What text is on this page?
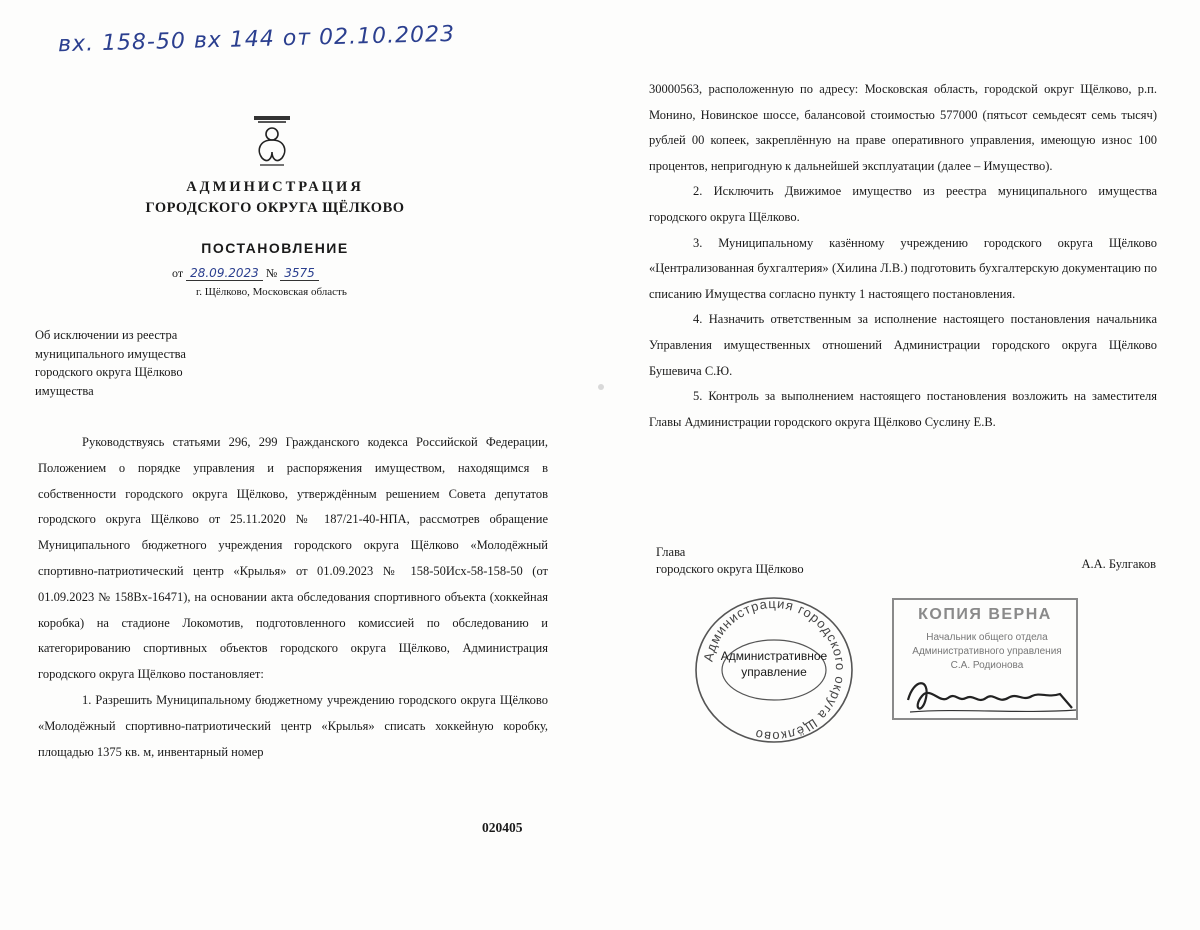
вх. 158-50 вх 144 от 02.10.2023
АДМИНИСТРАЦИЯ
ГОРОДСКОГО ОКРУГА ЩЁЛКОВО
ПОСТАНОВЛЕНИЕ
от 28.09.2023 № 3575
г. Щёлково, Московская область
Об исключении из реестра
муниципального имущества
городского округа Щёлково
имущества

Руководствуясь статьями 296, 299 Гражданского кодекса Российской Федерации, Положением о порядке управления и распоряжения имуществом, находящимся в собственности городского округа Щёлково, утверждённым решением Совета депутатов городского округа Щёлково от 25.11.2020 № 187/21-40-НПА, рассмотрев обращение Муниципального бюджетного учреждения городского округа Щёлково «Молодёжный спортивно-патриотический центр «Крылья» от 01.09.2023 № 158-50Исх-58-158-50 (от 01.09.2023 № 158Вх-16471), на основании акта обследования спортивного объекта (хоккейная коробка) на стадионе Локомотив, подготовленного комиссией по обследованию и категорированию спортивных объектов городского округа Щёлково, Администрация городского округа Щёлково постановляет:

1. Разрешить Муниципальному бюджетному учреждению городского округа Щёлково «Молодёжный спортивно-патриотический центр «Крылья» списать хоккейную коробку, площадью 1375 кв. м, инвентарный номер

020405

30000563, расположенную по адресу: Московская область, городской округ Щёлково, р.п. Монино, Новинское шоссе, балансовой стоимостью 577000 (пятьсот семьдесят семь тысяч) рублей 00 копеек, закреплённую на праве оперативного управления, имеющую износ 100 процентов, непригодную к дальнейшей эксплуатации (далее – Имущество).

2. Исключить Движимое имущество из реестра муниципального имущества городского округа Щёлково.

3. Муниципальному казённому учреждению городского округа Щёлково «Централизованная бухгалтерия» (Хилина Л.В.) подготовить бухгалтерскую документацию по списанию Имущества согласно пункту 1 настоящего постановления.

4. Назначить ответственным за исполнение настоящего постановления начальника Управления имущественных отношений Администрации городского округа Щёлково Бушевича С.Ю.

5. Контроль за выполнением настоящего постановления возложить на заместителя Главы Администрации городского округа Щёлково Суслину Е.В.

Глава
городского округа Щёлково	А.А. Булгаков
Администрация городского округа Щёлково
Административное
управление
КОПИЯ ВЕРНА
Начальник общего отдела
Административного управления
С.А. Родионова
